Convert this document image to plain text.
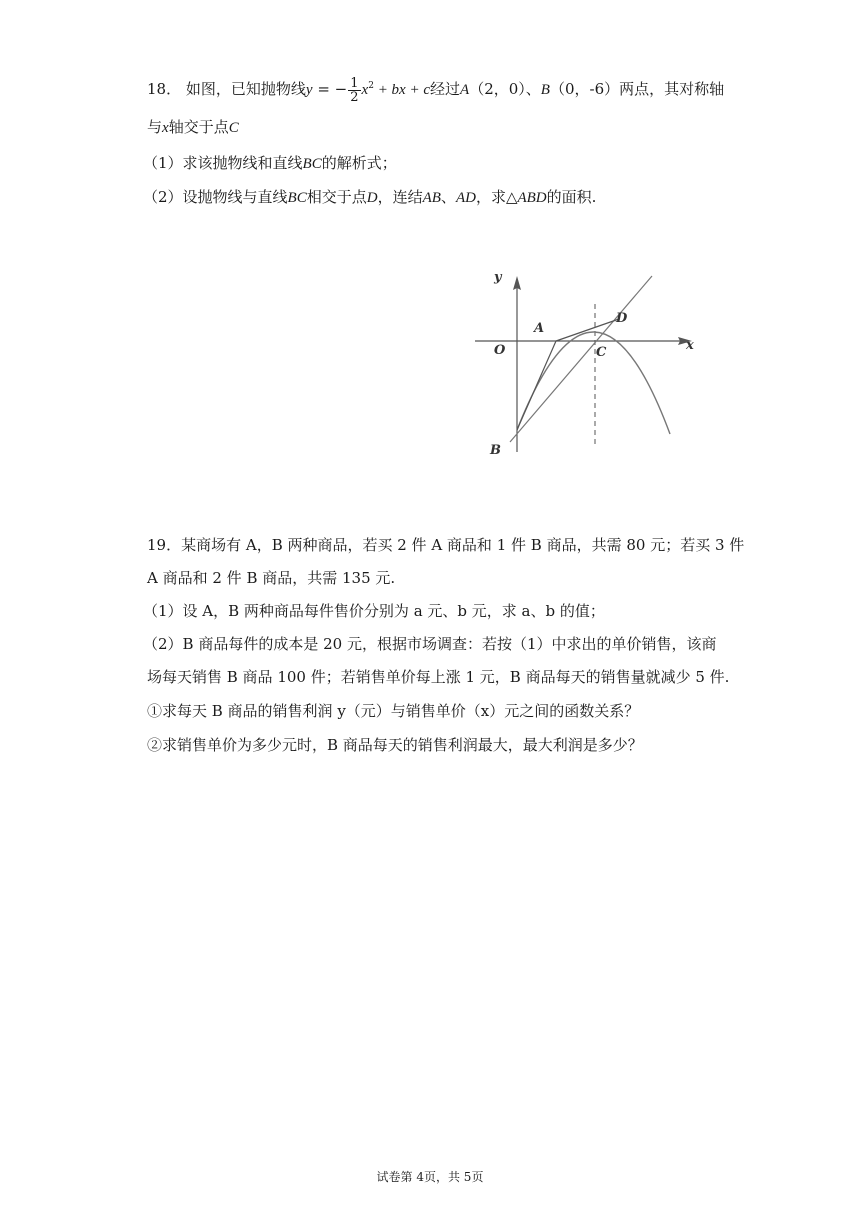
18． 如图，已知抛物线y = − $\frac{1}{2} x^2$ + bx + c经过A（2，0）、B（0，-6）两点，其对称轴
与x轴交于点C
（1）求该抛物线和直线BC的解析式；
（2）设抛物线与直线BC相交于点D，连结AB、AD，求△ABD的面积.
y
x
O
A
B
C
D
19．某商场有 A，B 两种商品，若买 2 件 A 商品和 1 件 B 商品，共需 80 元；若买 3 件
A 商品和 2 件 B 商品，共需 135 元.
（1）设 A，B 两种商品每件售价分别为 a 元、b 元，求 a、b 的值；
（2）B 商品每件的成本是 20 元，根据市场调查：若按（1）中求出的单价销售，该商
场每天销售 B 商品 100 件；若销售单价每上涨 1 元，B 商品每天的销售量就减少 5 件.
①求每天 B 商品的销售利润 y（元）与销售单价（x）元之间的函数关系？
②求销售单价为多少元时，B 商品每天的销售利润最大，最大利润是多少？
试卷第 4页，共 5页
